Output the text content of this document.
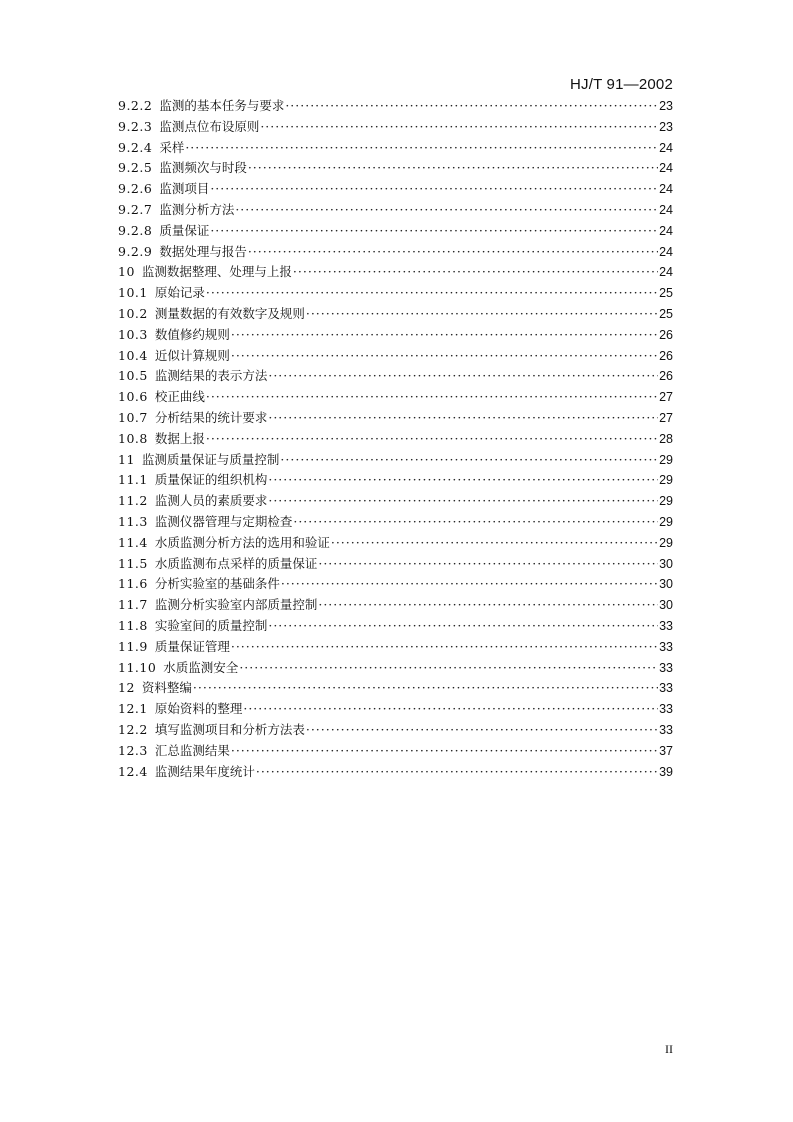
HJ/T 91—2002
9.2.2 监测的基本任务与要求 ·····	23
9.2.3 监测点位布设原则 ·····	23
9.2.4 采样 ·····	24
9.2.5 监测频次与时段 ·····	24
9.2.6 监测项目 ·····	24
9.2.7 监测分析方法 ·····	24
9.2.8 质量保证 ·····	24
9.2.9 数据处理与报告 ·····	24
10 监测数据整理、处理与上报 ·····	24
10.1 原始记录 ·····	25
10.2 测量数据的有效数字及规则 ·····	25
10.3 数值修约规则 ·····	26
10.4 近似计算规则 ·····	26
10.5 监测结果的表示方法 ·····	26
10.6 校正曲线 ·····	27
10.7 分析结果的统计要求 ·····	27
10.8 数据上报 ·····	28
11 监测质量保证与质量控制 ·····	29
11.1 质量保证的组织机构 ·····	29
11.2 监测人员的素质要求 ·····	29
11.3 监测仪器管理与定期检查 ·····	29
11.4 水质监测分析方法的选用和验证 ·····	29
11.5 水质监测布点采样的质量保证 ·····	30
11.6 分析实验室的基础条件 ·····	30
11.7 监测分析实验室内部质量控制 ·····	30
11.8 实验室间的质量控制 ·····	33
11.9 质量保证管理 ·····	33
11.10 水质监测安全 ·····	33
12 资料整编 ·····	33
12.1 原始资料的整理 ·····	33
12.2 填写监测项目和分析方法表 ·····	33
12.3 汇总监测结果 ·····	37
12.4 监测结果年度统计 ·····	39
II
